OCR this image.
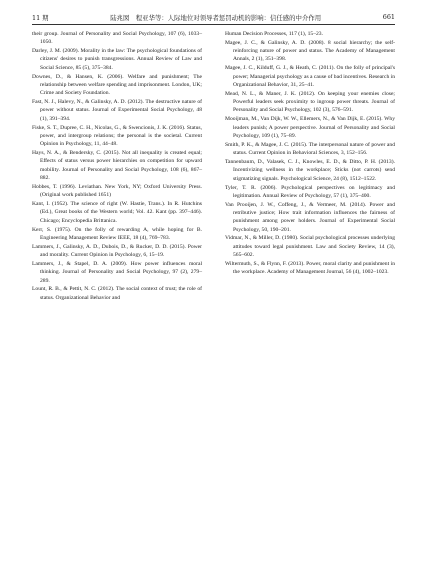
11 期	陆兆囡　程亚华等：人际地位对领导者惩罚动机的影响：信任感的中介作用	661

their group. Journal of Personality and Social Psychology, 107 (6), 1033–1050.

Darley, J. M. (2009). Morality in the law: The psychological foundations of citizens' desires to punish transgressions. Annual Review of Law and Social Science, 85 (5), 375–384.

Downes, D., & Hansen, K. (2006). Welfare and punishment; The relationship between welfare spending and imprisonment. London, UK; Crime and Society Foundation.

Fast, N. J., Halevy, N., & Galinsky, A. D. (2012). The destructive nature of power without status. Journal of Experimental Social Psychology, 48 (1), 391–394.

Fiske, S. T., Dupree, C. H., Nicolas, G., & Swencionis, J. K. (2016). Status, power, and intergroup relations; the personal is the societal. Current Opinion in Psychology, 11, 44–48.

Hays, N. A., & Bendersky, C. (2015). Not all inequality is created equal; Effects of status versus power hierarchies on competition for upward mobility. Journal of Personality and Social Psychology, 108 (6), 867–882.

Hobbes, T. (1996). Leviathan. New York, NY; Oxford University Press. (Original work published 1651)

Kant, I. (1952). The science of right (W. Hastie, Trans.). In R. Hutchins (Ed.), Great books of the Western world; Vol. 42. Kant (pp. 397–446). Chicago; Encyclopedia Brittanica.

Kerr, S. (1975). On the folly of rewarding A, while hoping for B. Engineering Management Review IEEE, 18 (4), 769–783.

Lammers, J., Galinsky, A. D., Dubois, D., & Rucker, D. D. (2015). Power and morality. Current Opinion in Psychology, 6, 15–19.

Lammers, J., & Stapel, D. A. (2009). How power influences moral thinking. Journal of Personality and Social Psychology, 97 (2), 279–289.

Lount, R. B., & Pettit, N. C. (2012). The social context of trust; the role of status. Organizational Behavior and

Human Decision Processes, 117 (1), 15–23.

Magee, J. C., & Galinsky, A. D. (2008). 8 social hierarchy; the self-reinforcing nature of power and status. The Academy of Management Annals, 2 (1), 351–398.

Magee, J. C., Kilduff, G. J., & Heath, C. (2011). On the folly of principal's power; Managerial psychology as a cause of bad incentives. Research in Organizational Behavior, 31, 25–41.

Mead, N. L., & Maner, J. K. (2012). On keeping your enemies close; Powerful leaders seek proximity to ingroup power threats. Journal of Personality and Social Psychology, 102 (3), 576–591.

Mooijman, M., Van Dijk, W. W., Ellemers, N., & Van Dijk, E. (2015). Why leaders punish; A power perspective. Journal of Personality and Social Psychology, 109 (1), 75–89.

Smith, P. K., & Magee, J. C. (2015). The interpersonal nature of power and status. Current Opinion in Behavioral Sciences, 3, 152–156.

Tannenbaum, D., Valasek, C. J., Knowles, E. D., & Ditto, P. H. (2013). Incentivizing wellness in the workplace; Sticks (not carrots) send stigmatizing signals. Psychological Science, 24 (8), 1512–1522.

Tyler, T. R. (2006). Psychological perspectives on legitimacy and legitimation. Annual Review of Psychology, 57 (1), 375–400.

Van Prooijen, J. W., Coffeng, J., & Vermeer, M. (2014). Power and retributive justice; How trait information influences the fairness of punishment among power holders. Journal of Experimental Social Psychology, 50, 190–201.

Vidmar, N., & Miller, D. (1980). Social psychological processes underlying attitudes toward legal punishment. Law and Society Review, 14 (3), 565–602.

Wiltermuth, S., & Flynn, F. (2013). Power, moral clarity and punishment in the workplace. Academy of Management Journal, 56 (4), 1002–1023.
